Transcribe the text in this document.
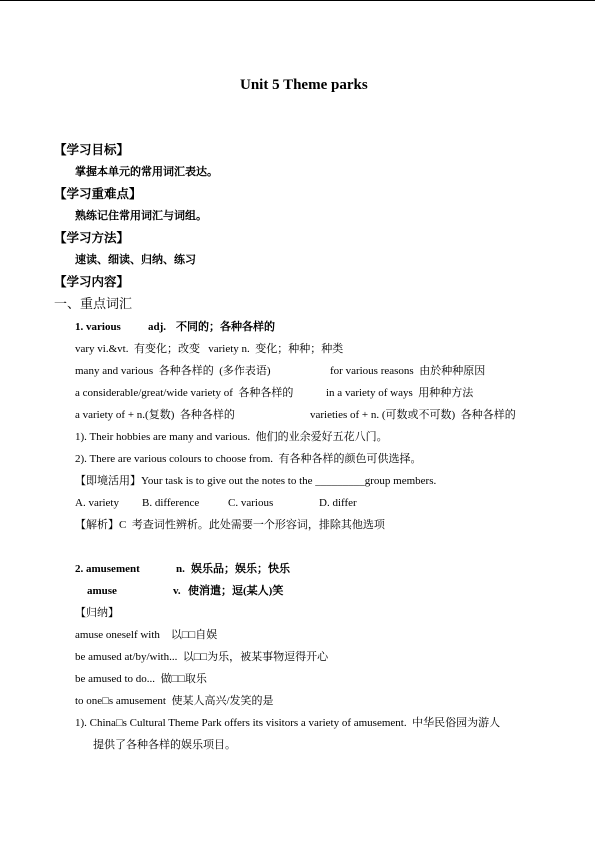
Unit 5 Theme parks
【学习目标】
掌握本单元的常用词汇表达。
【学习重难点】
熟练记住常用词汇与词组。
【学习方法】
速读、细读、归纳、练习
【学习内容】
一、重点词汇
1. various adj. 不同的；各种各样的
vary vi.&vt.  有变化；改变   variety n.  变化；种种；种类
many and various  各种各样的  (多作表语)	for various reasons  由於种种原因
a considerable/great/wide variety of  各种各样的	in a variety of ways  用种种方法
a variety of + n.(复数)  各种各样的	varieties of + n. (可数或不可数)  各种各样的
1). Their hobbies are many and various.  他们的业余爱好五花八门。
2). There are various colours to choose from.  有各种各样的颜色可供选择。
【即境活用】Your task is to give out the notes to the _________group members.
A. variety B. difference	C. various	D. differ
【解析】C  考查词性辨析。此处需要一个形容词，排除其他选项
2. amusement	n. 娱乐品；娱乐；快乐
amuse	v. 使消遣；逗(某人)笑
【归纳】
amuse oneself with    以□□自娱
be amused at/by/with...  以□□为乐，被某事物逗得开心
be amused to do...  做□□取乐
to one□s amusement  使某人高兴/发笑的是
1). China□s Cultural Theme Park offers its visitors a variety of amusement.  中华民俗园为游人
提供了各种各样的娱乐项目。
